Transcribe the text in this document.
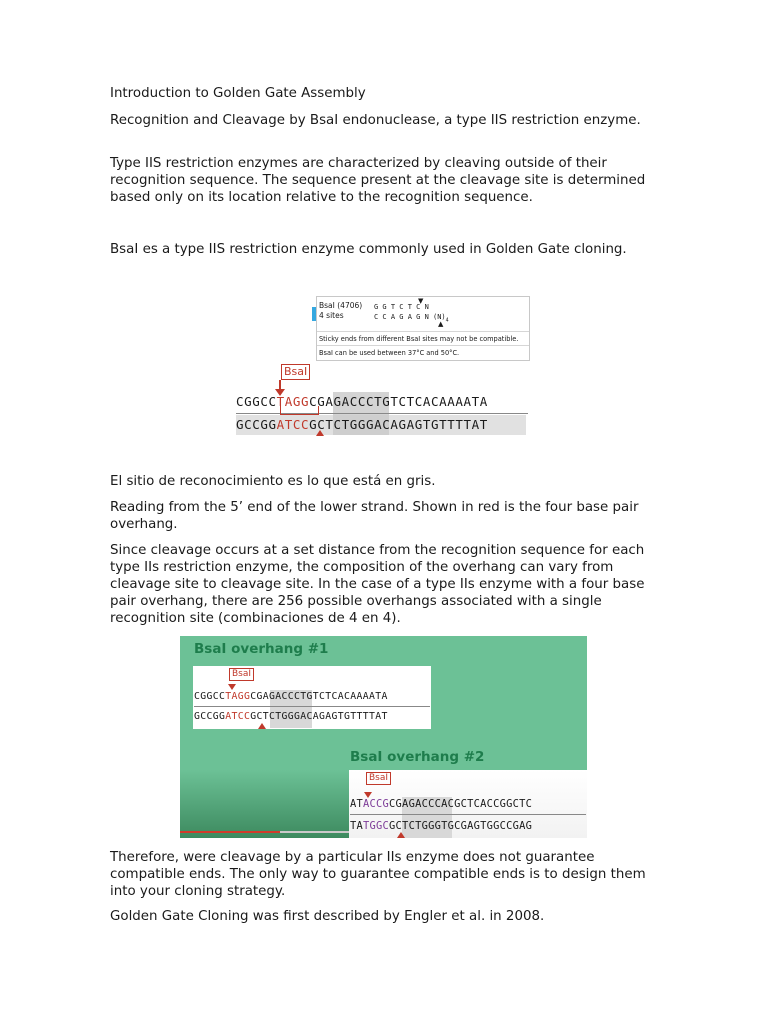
Introduction to Golden Gate Assembly

Recognition and Cleavage by BsaI endonuclease, a type IIS restriction enzyme.

Type IIS restriction enzymes are characterized by cleaving outside of their recognition sequence. The sequence present at the cleavage site is determined based only on its location relative to the recognition sequence.

BsaI es a type IIS restriction enzyme commonly used in Golden Gate cloning.

BsaI (4706)
4 sites
G G T C T C N
▼
C C A G A G N $(N)_4$
▲
Sticky ends from different BsaI sites may not be compatible.
BsaI can be used between 37°C and 50°C.
BsaI
CGGCCTAGGCGAGACCCTGTCTCACAAAATA
GCCGGATCCGCTCTGGGACAGAGTGTTTTAT

El sitio de reconocimiento es lo que está en gris.

Reading from the 5’ end of the lower strand. Shown in red is the four base pair overhang.

Since cleavage occurs at a set distance from the recognition sequence for each type IIs restriction enzyme, the composition of the overhang can vary from cleavage site to cleavage site. In the case of a type IIs enzyme with a four base pair overhang, there are 256 possible overhangs associated with a single recognition site (combinaciones de 4 en 4).

BsaI overhang #1
BsaI
CGGCCTAGGCGAGACCCTGTCTCACAAAATA
GCCGGATCCGCTCTGGGACAGAGTGTTTTAT
BsaI overhang #2
BsaI
ATACCGCGAGACCCACGCTCACCGGCTC
TATGGCGCTCTGGGTGCGAGTGGCCGAG

Therefore, were cleavage by a particular IIs enzyme does not guarantee compatible ends. The only way to guarantee compatible ends is to design them into your cloning strategy.

Golden Gate Cloning was first described by Engler et al. in 2008.
